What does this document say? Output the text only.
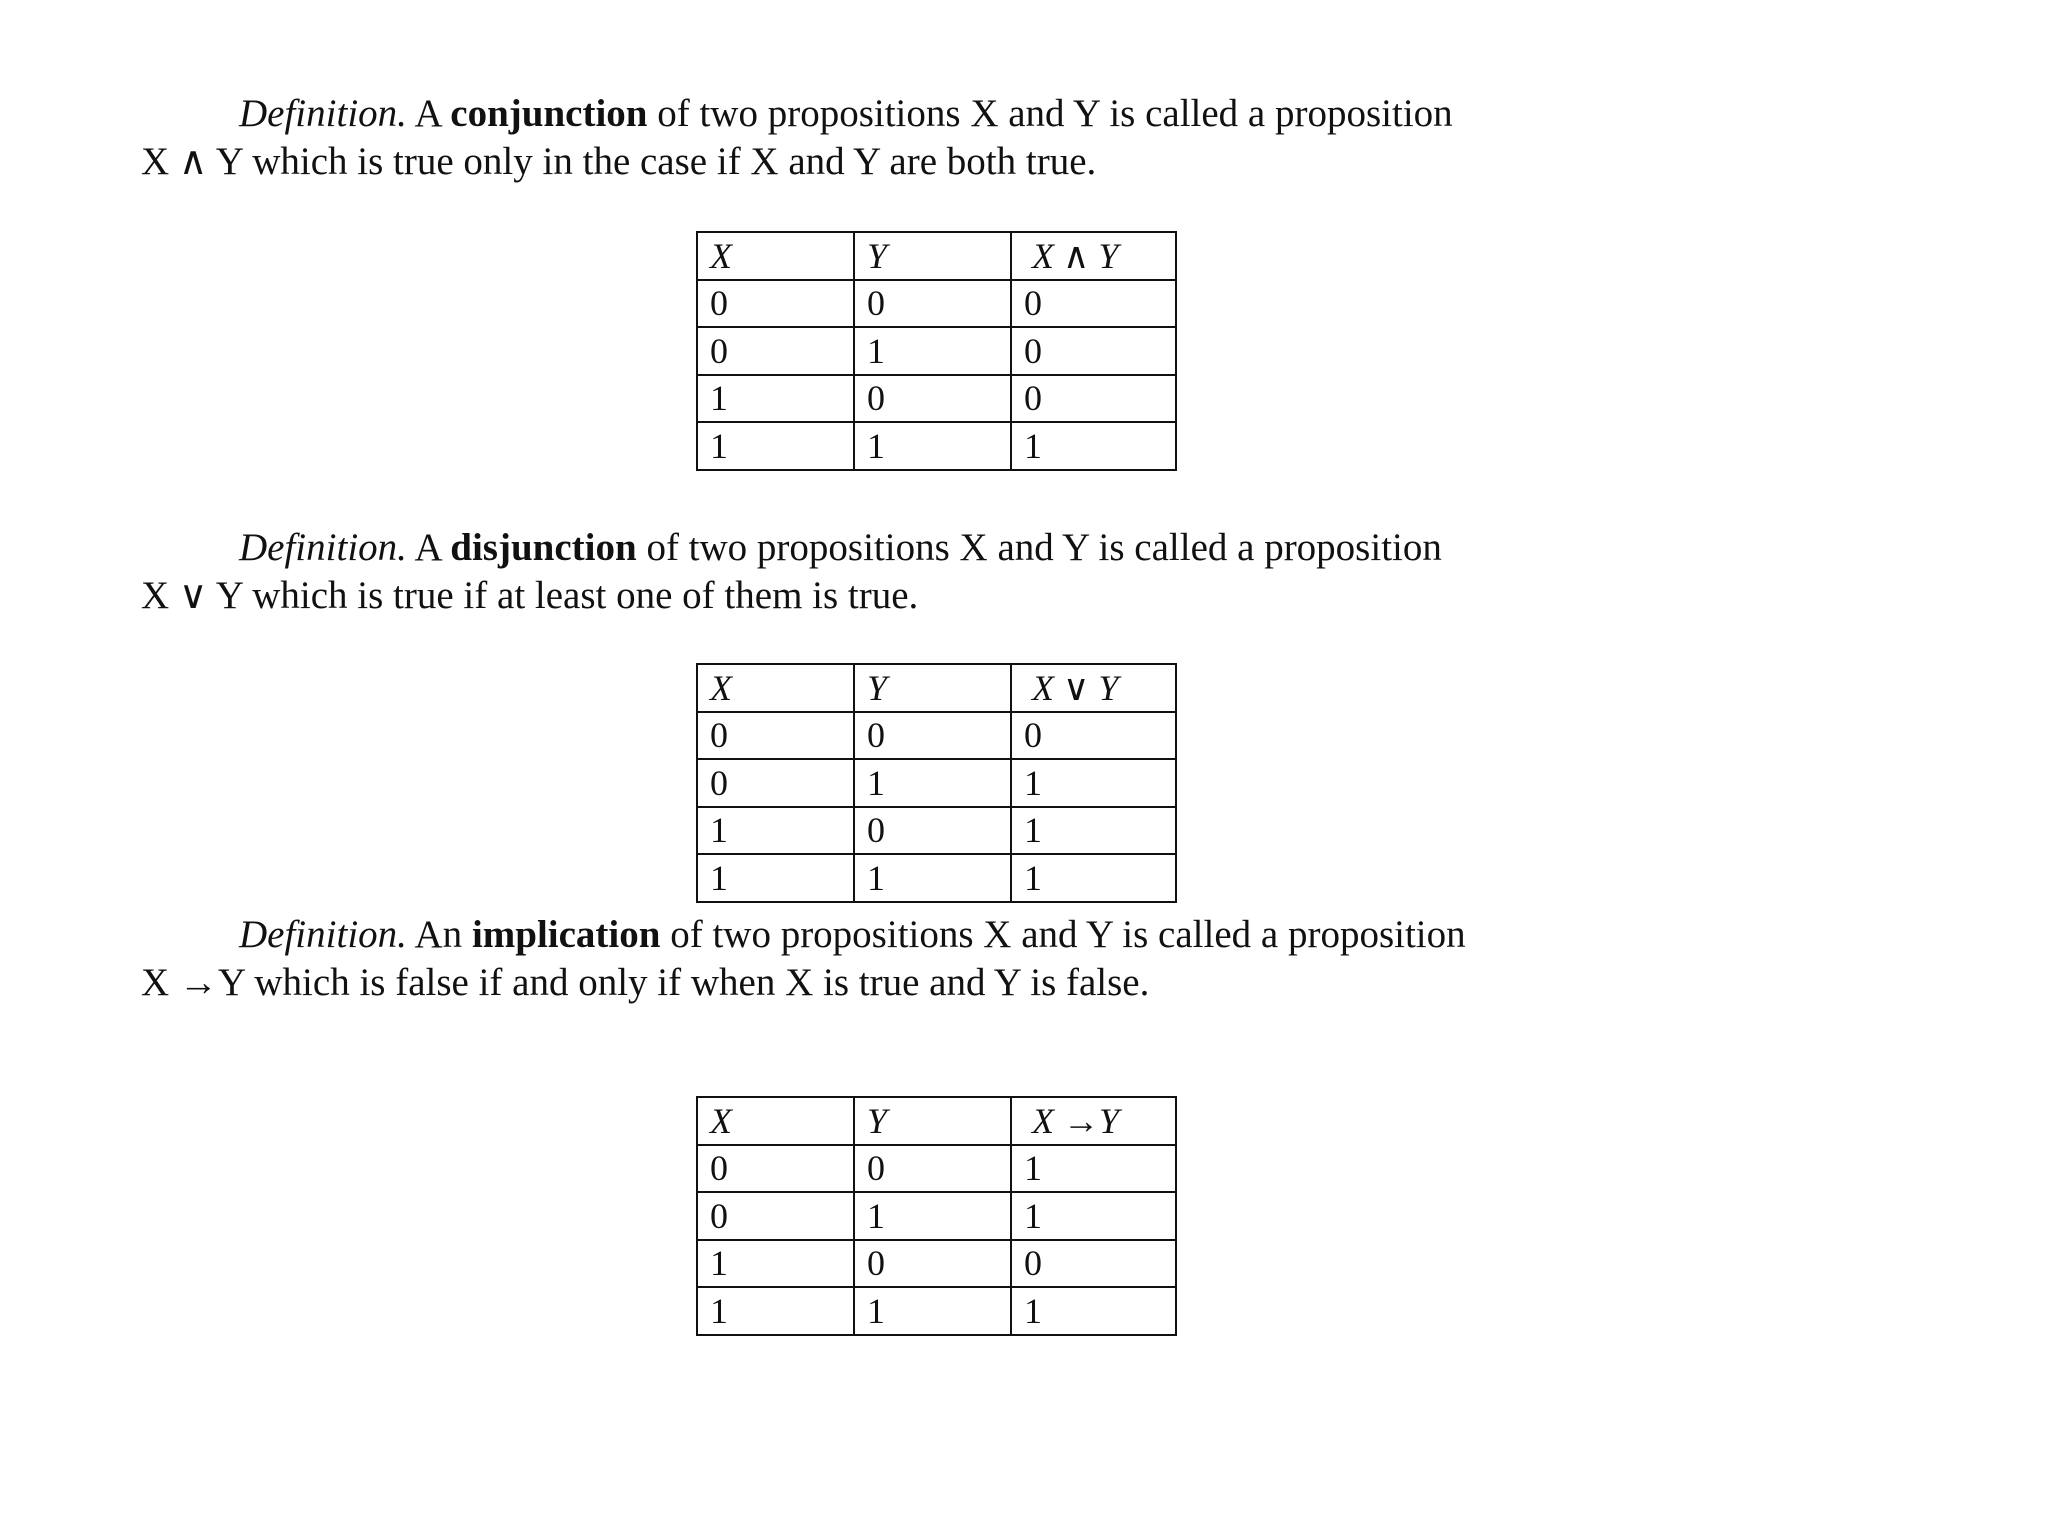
Definition. A conjunction of two propositions X and Y is called a proposition
X ∧ Y which is true only in the case if X and Y are both true.

X	Y	X ∧ Y
0	0	0
0	1	0
1	0	0
1	1	1

Definition. A disjunction of two propositions X and Y is called a proposition
X ∨ Y which is true if at least one of them is true.

X	Y	X ∨ Y
0	0	0
0	1	1
1	0	1
1	1	1

Definition. An implication of two propositions X and Y is called a proposition
X →Y which is false if and only if when X is true and Y is false.

X	Y	X →Y
0	0	1
0	1	1
1	0	0
1	1	1
